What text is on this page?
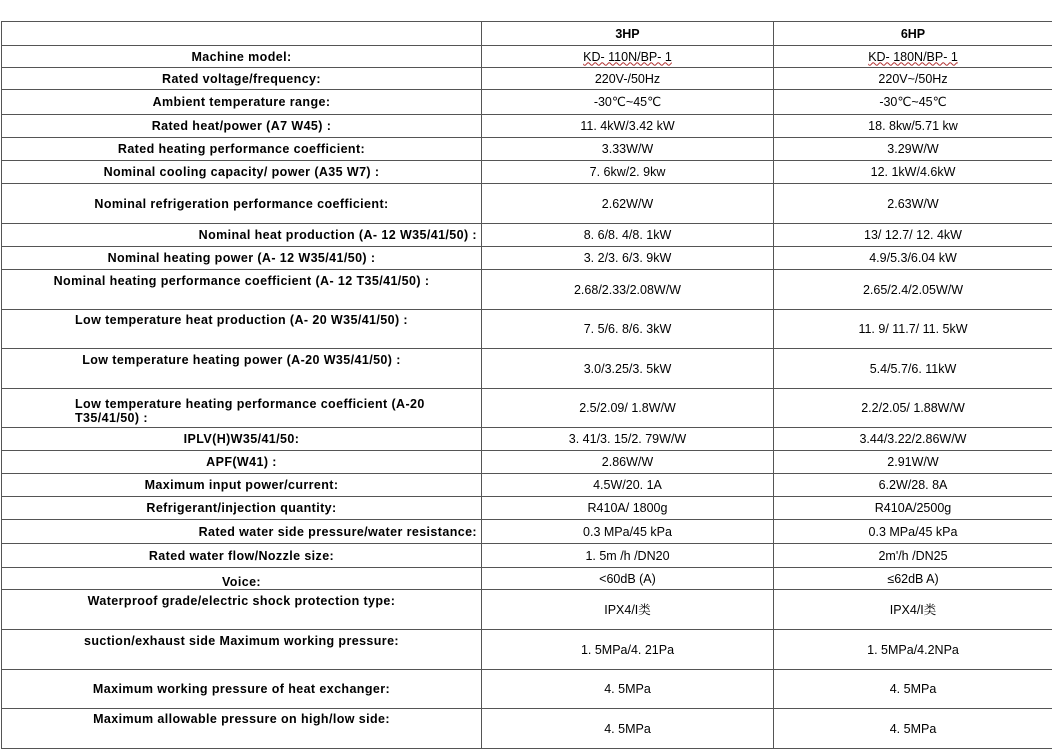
	3HP	6HP
Machine model:	KD- 110N/BP- 1	KD- 180N/BP- 1
Rated voltage/frequency:	220V-/50Hz	220V~/50Hz
Ambient temperature range:	-30℃~45℃	-30℃~45℃
Rated heat/power (A7 W45) :	11. 4kW/3.42 kW	18. 8kw/5.71 kw
Rated heating performance coefficient:	3.33W/W	3.29W/W
Nominal cooling capacity/ power (A35 W7) :	7. 6kw/2. 9kw	12. 1kW/4.6kW
Nominal refrigeration performance coefficient:	2.62W/W	2.63W/W
Nominal heat production (A- 12 W35/41/50) :	8. 6/8. 4/8. 1kW	13/ 12.7/ 12. 4kW
Nominal heating power (A- 12 W35/41/50) :	3. 2/3. 6/3. 9kW	4.9/5.3/6.04 kW
Nominal heating performance coefficient (A- 12 T35/41/50) :	2.68/2.33/2.08W/W	2.65/2.4/2.05W/W
Low temperature heat production (A- 20 W35/41/50) :	7. 5/6. 8/6. 3kW	11. 9/ 11.7/ 11. 5kW
Low temperature heating power (A-20 W35/41/50) :	3.0/3.25/3. 5kW	5.4/5.7/6. 11kW
Low temperature heating performance coefficient (A-20 T35/41/50) :	2.5/2.09/ 1.8W/W	2.2/2.05/ 1.88W/W
IPLV(H)W35/41/50:	3. 41/3. 15/2. 79W/W	3.44/3.22/2.86W/W
APF(W41) :	2.86W/W	2.91W/W
Maximum input power/current:	4.5W/20. 1A	6.2W/28. 8A
Refrigerant/injection quantity:	R410A/ 1800g	R410A/2500g
Rated water side pressure/water resistance:	0.3 MPa/45 kPa	0.3 MPa/45 kPa
Rated water flow/Nozzle size:	1. 5m /h /DN20	2m'/h /DN25
Voice:	<60dB (A)	≤62dB A)
Waterproof grade/electric shock protection type:	IPX4/I类	IPX4/I类
suction/exhaust side Maximum working pressure:	1. 5MPa/4. 21Pa	1. 5MPa/4.2NPa
Maximum working pressure of heat exchanger:	4. 5MPa	4. 5MPa
Maximum allowable pressure on high/low side:	4. 5MPa	4. 5MPa
